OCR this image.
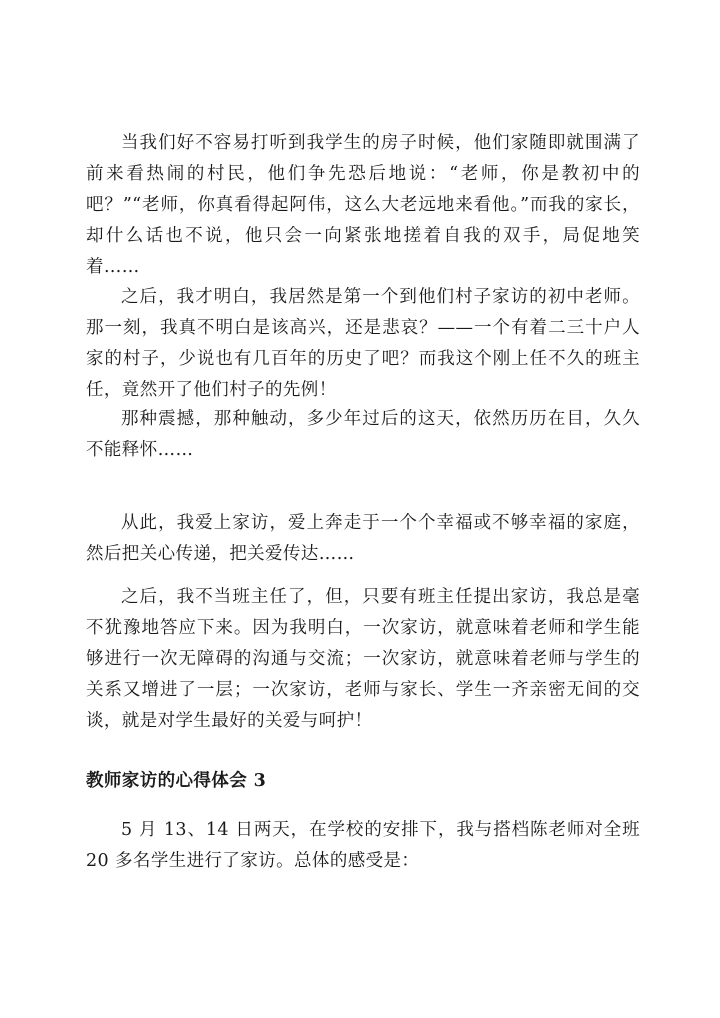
当我们好不容易打听到我学生的房子时候，他们家随即就围满了前来看热闹的村民，他们争先恐后地说：“老师，你是教初中的吧？”“老师，你真看得起阿伟，这么大老远地来看他。”而我的家长，却什么话也不说，他只会一向紧张地搓着自我的双手，局促地笑着……

之后，我才明白，我居然是第一个到他们村子家访的初中老师。那一刻，我真不明白是该高兴，还是悲哀？——一个有着二三十户人家的村子，少说也有几百年的历史了吧？而我这个刚上任不久的班主任，竟然开了他们村子的先例！

那种震撼，那种触动，多少年过后的这天，依然历历在目，久久不能释怀……

从此，我爱上家访，爱上奔走于一个个幸福或不够幸福的家庭，然后把关心传递，把关爱传达……

之后，我不当班主任了，但，只要有班主任提出家访，我总是毫不犹豫地答应下来。因为我明白，一次家访，就意味着老师和学生能够进行一次无障碍的沟通与交流；一次家访，就意味着老师与学生的关系又增进了一层；一次家访，老师与家长、学生一齐亲密无间的交谈，就是对学生最好的关爱与呵护！

教师家访的心得体会 3

5 月 13、14 日两天，在学校的安排下，我与搭档陈老师对全班 20 多名学生进行了家访。总体的感受是：
